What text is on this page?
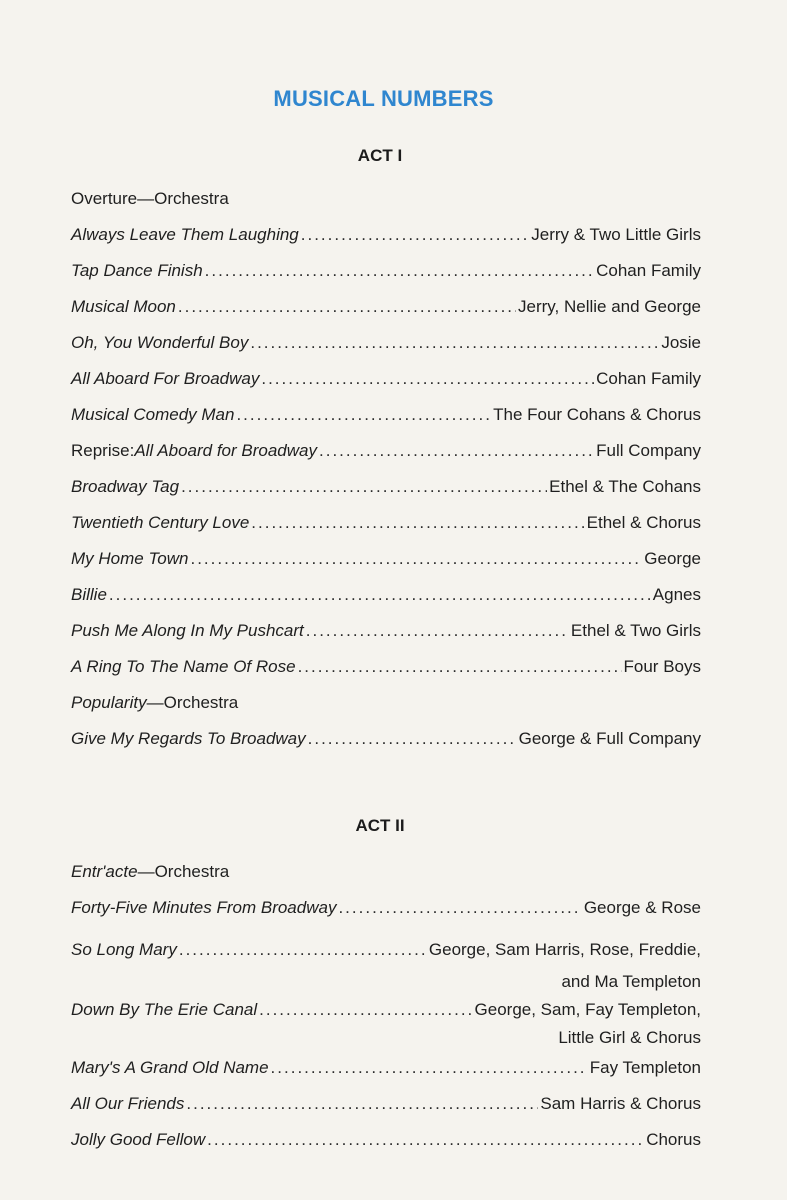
MUSICAL NUMBERS
ACT I
Overture — Orchestra
Always Leave Them Laughing .....	Jerry & Two Little Girls
Tap Dance Finish .....	Cohan Family
Musical Moon .....	Jerry, Nellie and George
Oh, You Wonderful Boy .....	Josie
All Aboard For Broadway .....	Cohan Family
Musical Comedy Man .....	The Four Cohans & Chorus
Reprise: All Aboard for Broadway .....	Full Company
Broadway Tag .....	Ethel & The Cohans
Twentieth Century Love .....	Ethel & Chorus
My Home Town .....	George
Billie .....	Agnes
Push Me Along In My Pushcart .....	Ethel & Two Girls
A Ring To The Name Of Rose .....	Four Boys
Popularity — Orchestra
Give My Regards To Broadway .....	George & Full Company
ACT II
Entr'acte — Orchestra
Forty-Five Minutes From Broadway .....	George & Rose
So Long Mary .....	George, Sam Harris, Rose, Freddie,
and Ma Templeton
Down By The Erie Canal .....	George, Sam, Fay Templeton,
Little Girl & Chorus
Mary's A Grand Old Name .....	Fay Templeton
All Our Friends .....	Sam Harris & Chorus
Jolly Good Fellow .....	Chorus
